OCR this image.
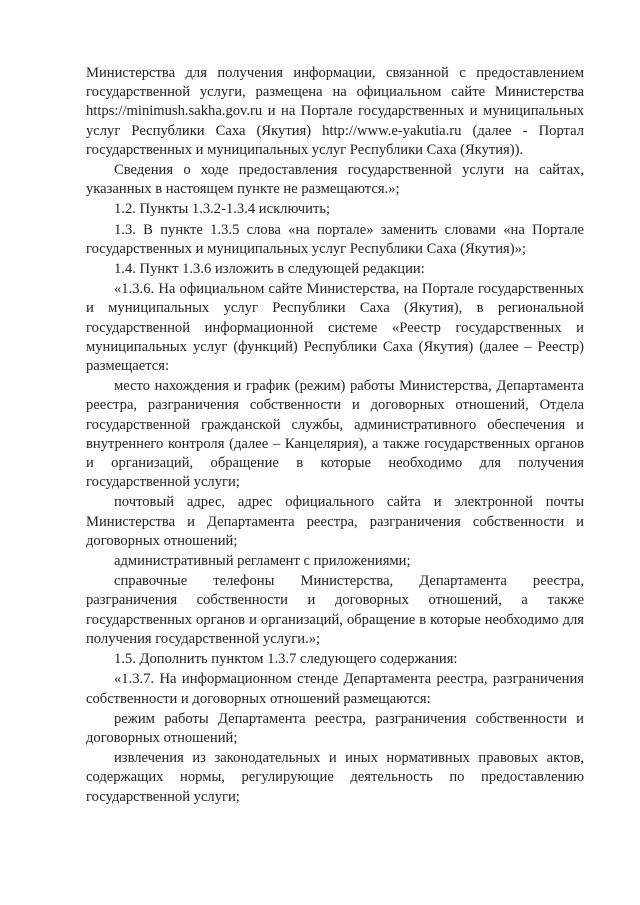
Министерства для получения информации, связанной с предоставлением государственной услуги, размещена на официальном сайте Министерства https://minimush.sakha.gov.ru и на Портале государственных и муниципальных услуг Республики Саха (Якутия) http://www.e-yakutia.ru (далее - Портал государственных и муниципальных услуг Республики Саха (Якутия)).

Сведения о ходе предоставления государственной услуги на сайтах, указанных в настоящем пункте не размещаются.»;

1.2. Пункты 1.3.2-1.3.4 исключить;

1.3. В пункте 1.3.5 слова «на портале» заменить словами «на Портале государственных и муниципальных услуг Республики Саха (Якутия)»;

1.4. Пункт 1.3.6 изложить в следующей редакции:

«1.3.6. На официальном сайте Министерства, на Портале государственных и муниципальных услуг Республики Саха (Якутия), в региональной государственной информационной системе «Реестр государственных и муниципальных услуг (функций) Республики Саха (Якутия) (далее – Реестр) размещается:

место нахождения и график (режим) работы Министерства, Департамента реестра, разграничения собственности и договорных отношений, Отдела государственной гражданской службы, административного обеспечения и внутреннего контроля (далее – Канцелярия), а также государственных органов и организаций, обращение в которые необходимо для получения государственной услуги;

почтовый адрес, адрес официального сайта и электронной почты Министерства и Департамента реестра, разграничения собственности и договорных отношений;

административный регламент с приложениями;

справочные телефоны Министерства, Департамента реестра, разграничения собственности и договорных отношений, а также государственных органов и организаций, обращение в которые необходимо для получения государственной услуги.»;

1.5. Дополнить пунктом 1.3.7 следующего содержания:

«1.3.7. На информационном стенде Департамента реестра, разграничения собственности и договорных отношений размещаются:

режим работы Департамента реестра, разграничения собственности и договорных отношений;

извлечения из законодательных и иных нормативных правовых актов, содержащих нормы, регулирующие деятельность по предоставлению государственной услуги;
